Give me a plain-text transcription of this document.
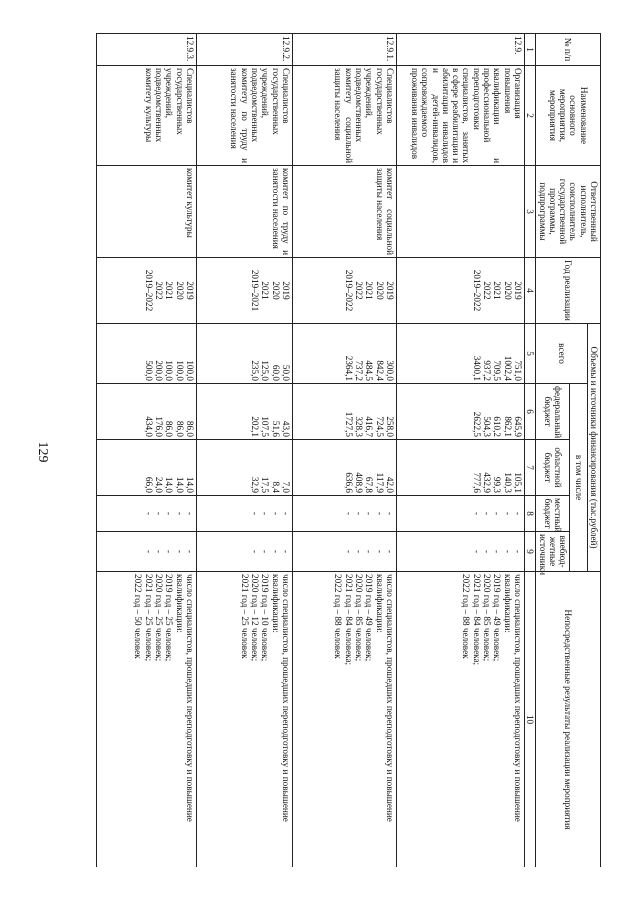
129
№ п/п	Наименование основного мероприятия, мероприятия	Ответственный исполнитель, соисполнитель государственной программы, подпрограммы	Год реализации	Объемы и источники финансирования (тыс.рублей)					Непосредственные результаты реализации мероприятия
				всего	в том числе				
					федеральный бюджет	областной бюджет	местный бюджет	внебюд-жетные источники	
1	2	3	4	5	6	7	8	9	10
12.9.	Организация повышения квалификации и профессиональной переподготовки специалистов, занятых в сфере реабилитации и абилитации инвалидов и детей-инвалидов, сопровождаемого проживания инвалидов		2019
2020
2021
2022
2019–2022	751,0
1002,4
709,5
937,2
3400,1	645,9
862,1
610,2
504,3
2622,5	105,1
140,3
99,3
432,9
777,6	-
-
-
-
-	-
-
-
-
-	число специалистов, прошедших переподготовку и повышение квалификации:
2019 год – 49 человек;
2020 год – 85 человек;
2021 год – 84 человека;
2022 год – 88 человек
12.9.1.	Специалистов государственных учреждений, подведомственных комитету социальной защиты населения	комитет социальной защиты населения	2019
2020
2021
2022
2019–2022	300,0
842,4
484,5
737,2
2364,1	258,0
724,5
416,7
328,3
1727,5	42,0
117,9
67,8
408,9
636,6	-
-
-
-
-	-
-
-
-
-	число специалистов, прошедших переподготовку и повышение квалификации:
2019 год – 49 человек;
2020 год – 85 человек;
2021 год – 84 человека;
2022 год – 88 человек
12.9.2.	Специалистов государственных учреждений, подведомственных комитету по труду и занятости населения	комитет по труду и занятости населения	2019
2020
2021
2019–2021	50,0
60,0
125,0
235,0	43,0
51,6
107,5
202,1	7,0
8,4
17,5
32,9	-
-
-
-	-
-
-
-	число специалистов, прошедших переподготовку и повышение квалификации:
2019 год – 10 человек;
2020 год – 12 человек;
2021 год – 25 человек
12.9.3.	Специалистов государственных учреждений, подведомственных комитету культуры	комитет культуры	2019
2020
2021
2022
2019–2022	100,0
100,0
100,0
200,0
500,0	86,0
86,0
86,0
176,0
434,0	14,0
14,0
14,0
24,0
66,0	-
-
-
-
-	-
-
-
-
-	число специалистов, прошедших переподготовку и повышение квалификации:
2019 год – 25 человек;
2020 год – 25 человек;
2021 год – 25 человек;
2022 год – 50 человек
